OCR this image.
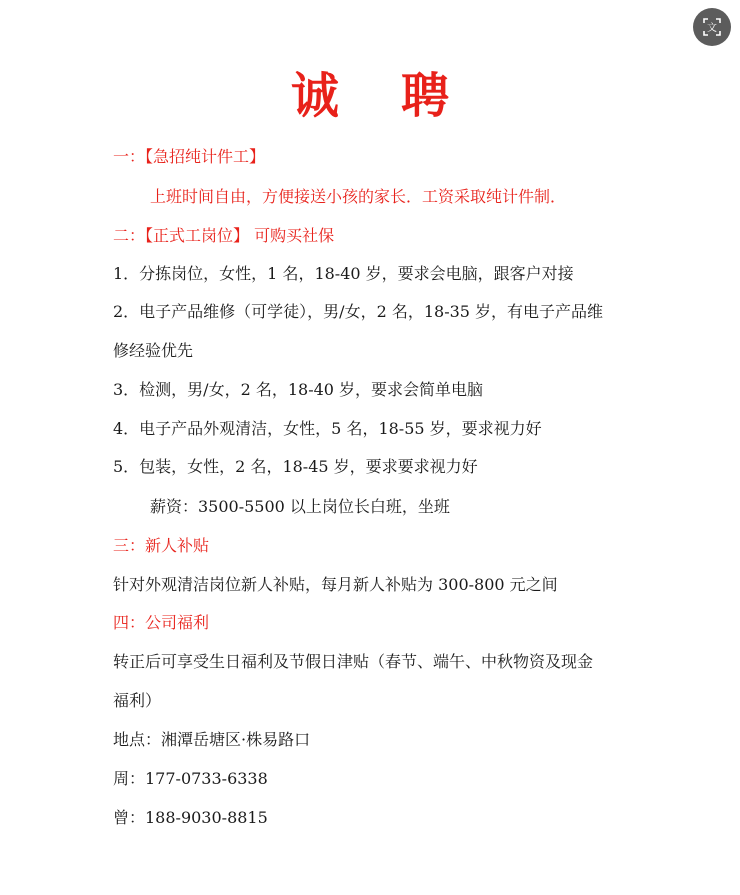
文
诚 聘
一：【急招纯计件工】
上班时间自由，方便接送小孩的家长．工资采取纯计件制．
二：【正式工岗位】 可购买社保
1．分拣岗位，女性，1 名，18-40 岁，要求会电脑，跟客户对接
2．电子产品维修（可学徒），男/女，2 名，18-35 岁，有电子产品维
修经验优先
3．检测，男/女，2 名，18-40 岁，要求会简单电脑
4．电子产品外观清洁，女性，5 名，18-55 岁，要求视力好
5．包装，女性，2 名，18-45 岁，要求要求视力好
薪资：3500-5500 以上岗位长白班，坐班
三：新人补贴
针对外观清洁岗位新人补贴，每月新人补贴为 300-800 元之间
四：公司福利
转正后可享受生日福利及节假日津贴（春节、端午、中秋物资及现金
福利）
地点：湘潭岳塘区·株易路口
周：177-0733-6338
曾：188-9030-8815
